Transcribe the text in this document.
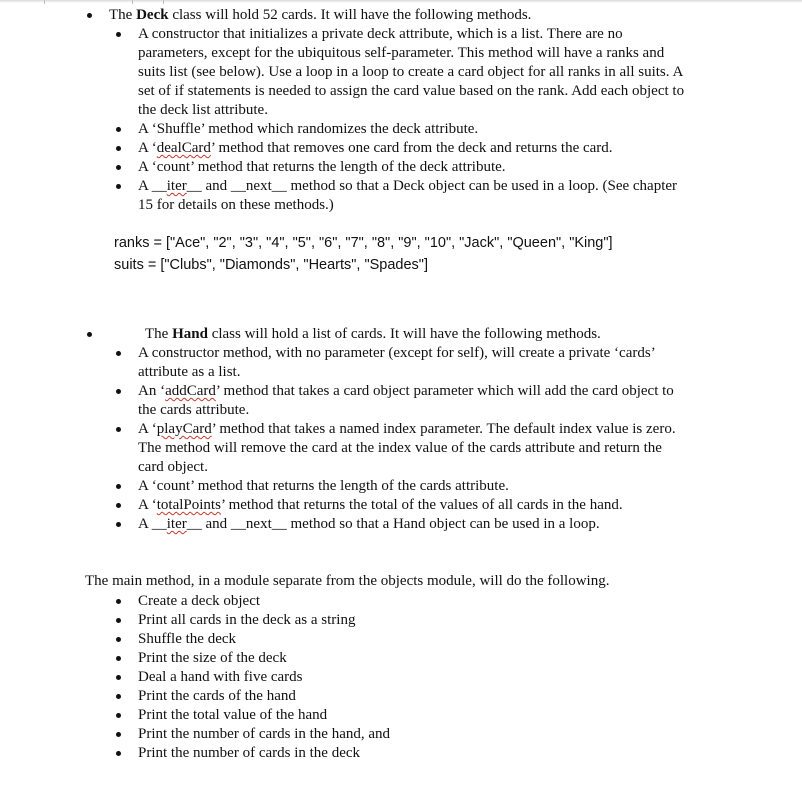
The Deck class will hold 52 cards. It will have the following methods.
A constructor that initializes a private deck attribute, which is a list. There are no
parameters, except for the ubiquitous self-parameter. This method will have a ranks and
suits list (see below). Use a loop in a loop to create a card object for all ranks in all suits. A
set of if statements is needed to assign the card value based on the rank. Add each object to
the deck list attribute.
A ‘Shuffle’ method which randomizes the deck attribute.
A ‘dealCard’ method that removes one card from the deck and returns the card.
A ‘count’ method that returns the length of the deck attribute.
A __iter__ and __next__ method so that a Deck object can be used in a loop. (See chapter
15 for details on these methods.)
ranks = ["Ace", "2", "3", "4", "5", "6", "7", "8", "9", "10", "Jack", "Queen", "King"]
suits = ["Clubs", "Diamonds", "Hearts", "Spades"]
The Hand class will hold a list of cards. It will have the following methods.
A constructor method, with no parameter (except for self), will create a private ‘cards’
attribute as a list.
An ‘addCard’ method that takes a card object parameter which will add the card object to
the cards attribute.
A ‘playCard’ method that takes a named index parameter. The default index value is zero.
The method will remove the card at the index value of the cards attribute and return the
card object.
A ‘count’ method that returns the length of the cards attribute.
A ‘totalPoints’ method that returns the total of the values of all cards in the hand.
A __iter__ and __next__ method so that a Hand object can be used in a loop.
The main method, in a module separate from the objects module, will do the following.
Create a deck object
Print all cards in the deck as a string
Shuffle the deck
Print the size of the deck
Deal a hand with five cards
Print the cards of the hand
Print the total value of the hand
Print the number of cards in the hand, and
Print the number of cards in the deck
